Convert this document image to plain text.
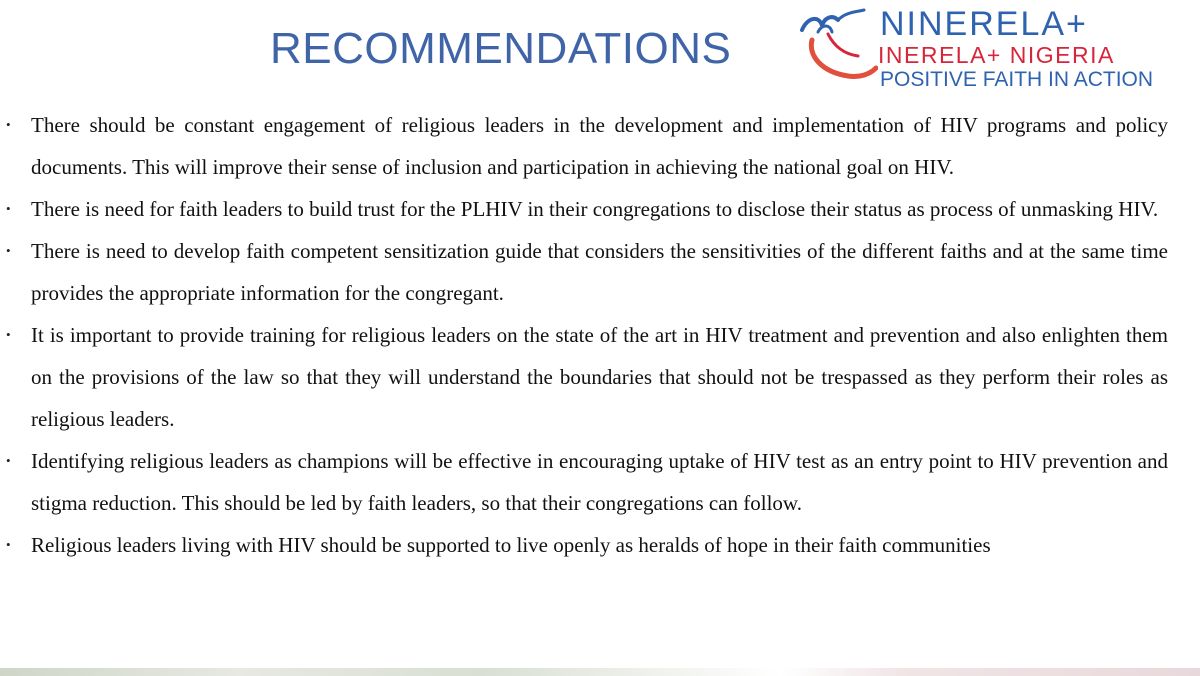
RECOMMENDATIONS	NINERELA+
INERELA+ NIGERIA
POSITIVE FAITH IN ACTION
• There should be constant engagement of religious leaders in the development and implementation of HIV programs and policy documents. This will improve their sense of inclusion and participation in achieving the national goal on HIV.
• There is need for faith leaders to build trust for the PLHIV in their congregations to disclose their status as process of unmasking HIV.
• There is need to develop faith competent sensitization guide that considers the sensitivities of the different faiths and at the same time provides the appropriate information for the congregant.
• It is important to provide training for religious leaders on the state of the art in HIV treatment and prevention and also enlighten them on the provisions of the law so that they will understand the boundaries that should not be trespassed as they perform their roles as religious leaders.
• Identifying religious leaders as champions will be effective in encouraging uptake of HIV test as an entry point to HIV prevention and stigma reduction. This should be led by faith leaders, so that their congregations can follow.
• Religious leaders living with HIV should be supported to live openly as heralds of hope in their faith communities
